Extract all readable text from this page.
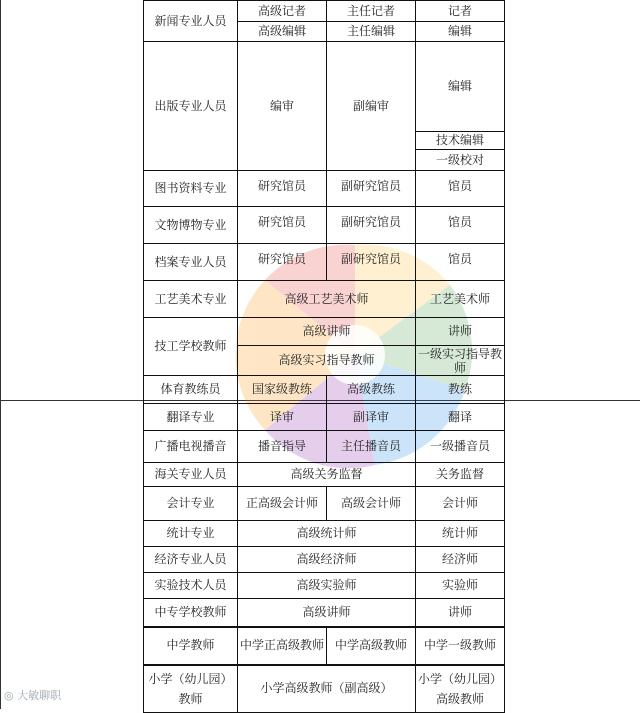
新闻专业人员	高级记者	主任记者	记者
	高级编辑	主任编辑	编辑
出版专业人员	编审	副编审	编辑
			技术编辑
			一级校对
图书资料专业	研究馆员	副研究馆员	馆员
文物博物专业	研究馆员	副研究馆员	馆员
档案专业人员	研究馆员	副研究馆员	馆员
工艺美术专业	高级工艺美术师		工艺美术师
技工学校教师	高级讲师		讲师
	高级实习指导教师		一级实习指导教师
体育教练员	国家级教练	高级教练	教练
翻译专业	译审	副译审	翻译
广播电视播音	播音指导	主任播音员	一级播音员
海关专业人员	高级关务监督		关务监督
会计专业	正高级会计师	高级会计师	会计师
统计专业	高级统计师		统计师
经济专业人员	高级经济师		经济师
实验技术人员	高级实验师		实验师
中专学校教师	高级讲师		讲师
中学教师	中学正高级教师	中学高级教师	中学一级教师
小学（幼儿园）教师	小学高级教师（副高级）		小学（幼儿园）高级教师
◎ 大敏聊职
